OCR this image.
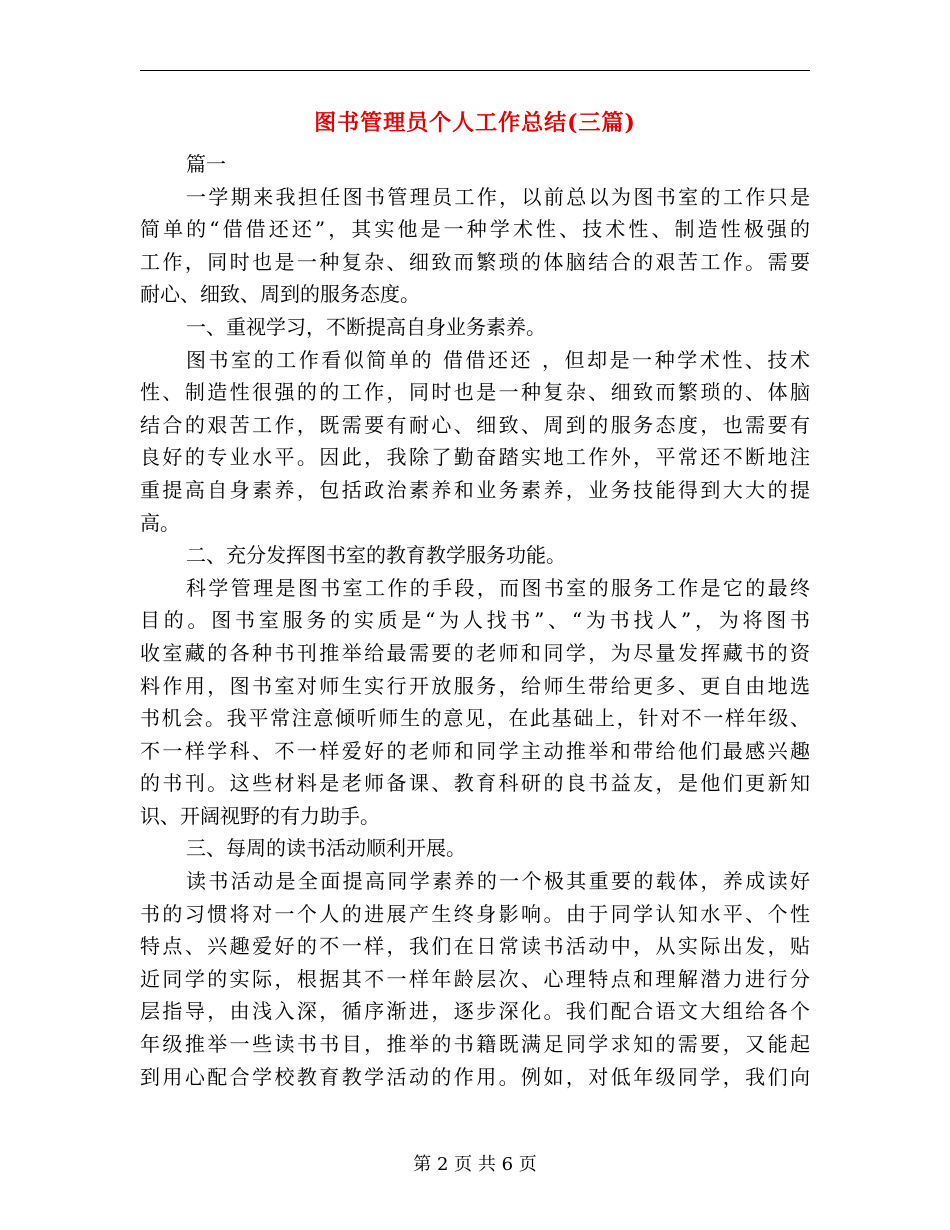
图书管理员个人工作总结(三篇)
篇一
一学期来我担任图书管理员工作，以前总以为图书室的工作只是
简单的“借借还还”，其实他是一种学术性、技术性、制造性极强的
工作，同时也是一种复杂、细致而繁琐的体脑结合的艰苦工作。需要
耐心、细致、周到的服务态度。
一、重视学习，不断提高自身业务素养。
图书室的工作看似简单的 借借还还 ，但却是一种学术性、技术
性、制造性很强的的工作，同时也是一种复杂、细致而繁琐的、体脑
结合的艰苦工作，既需要有耐心、细致、周到的服务态度，也需要有
良好的专业水平。因此，我除了勤奋踏实地工作外，平常还不断地注
重提高自身素养，包括政治素养和业务素养，业务技能得到大大的提
高。
二、充分发挥图书室的教育教学服务功能。
科学管理是图书室工作的手段，而图书室的服务工作是它的最终
目的。图书室服务的实质是“为人找书”、“为书找人”，为将图书
收室藏的各种书刊推举给最需要的老师和同学，为尽量发挥藏书的资
料作用，图书室对师生实行开放服务，给师生带给更多、更自由地选
书机会。我平常注意倾听师生的意见，在此基础上，针对不一样年级、
不一样学科、不一样爱好的老师和同学主动推举和带给他们最感兴趣
的书刊。这些材料是老师备课、教育科研的良书益友，是他们更新知
识、开阔视野的有力助手。
三、每周的读书活动顺利开展。
读书活动是全面提高同学素养的一个极其重要的载体，养成读好
书的习惯将对一个人的进展产生终身影响。由于同学认知水平、个性
特点、兴趣爱好的不一样，我们在日常读书活动中，从实际出发，贴
近同学的实际，根据其不一样年龄层次、心理特点和理解潜力进行分
层指导，由浅入深，循序渐进，逐步深化。我们配合语文大组给各个
年级推举一些读书书目，推举的书籍既满足同学求知的需要，又能起
到用心配合学校教育教学活动的作用。例如，对低年级同学，我们向
第 2 页 共 6 页
